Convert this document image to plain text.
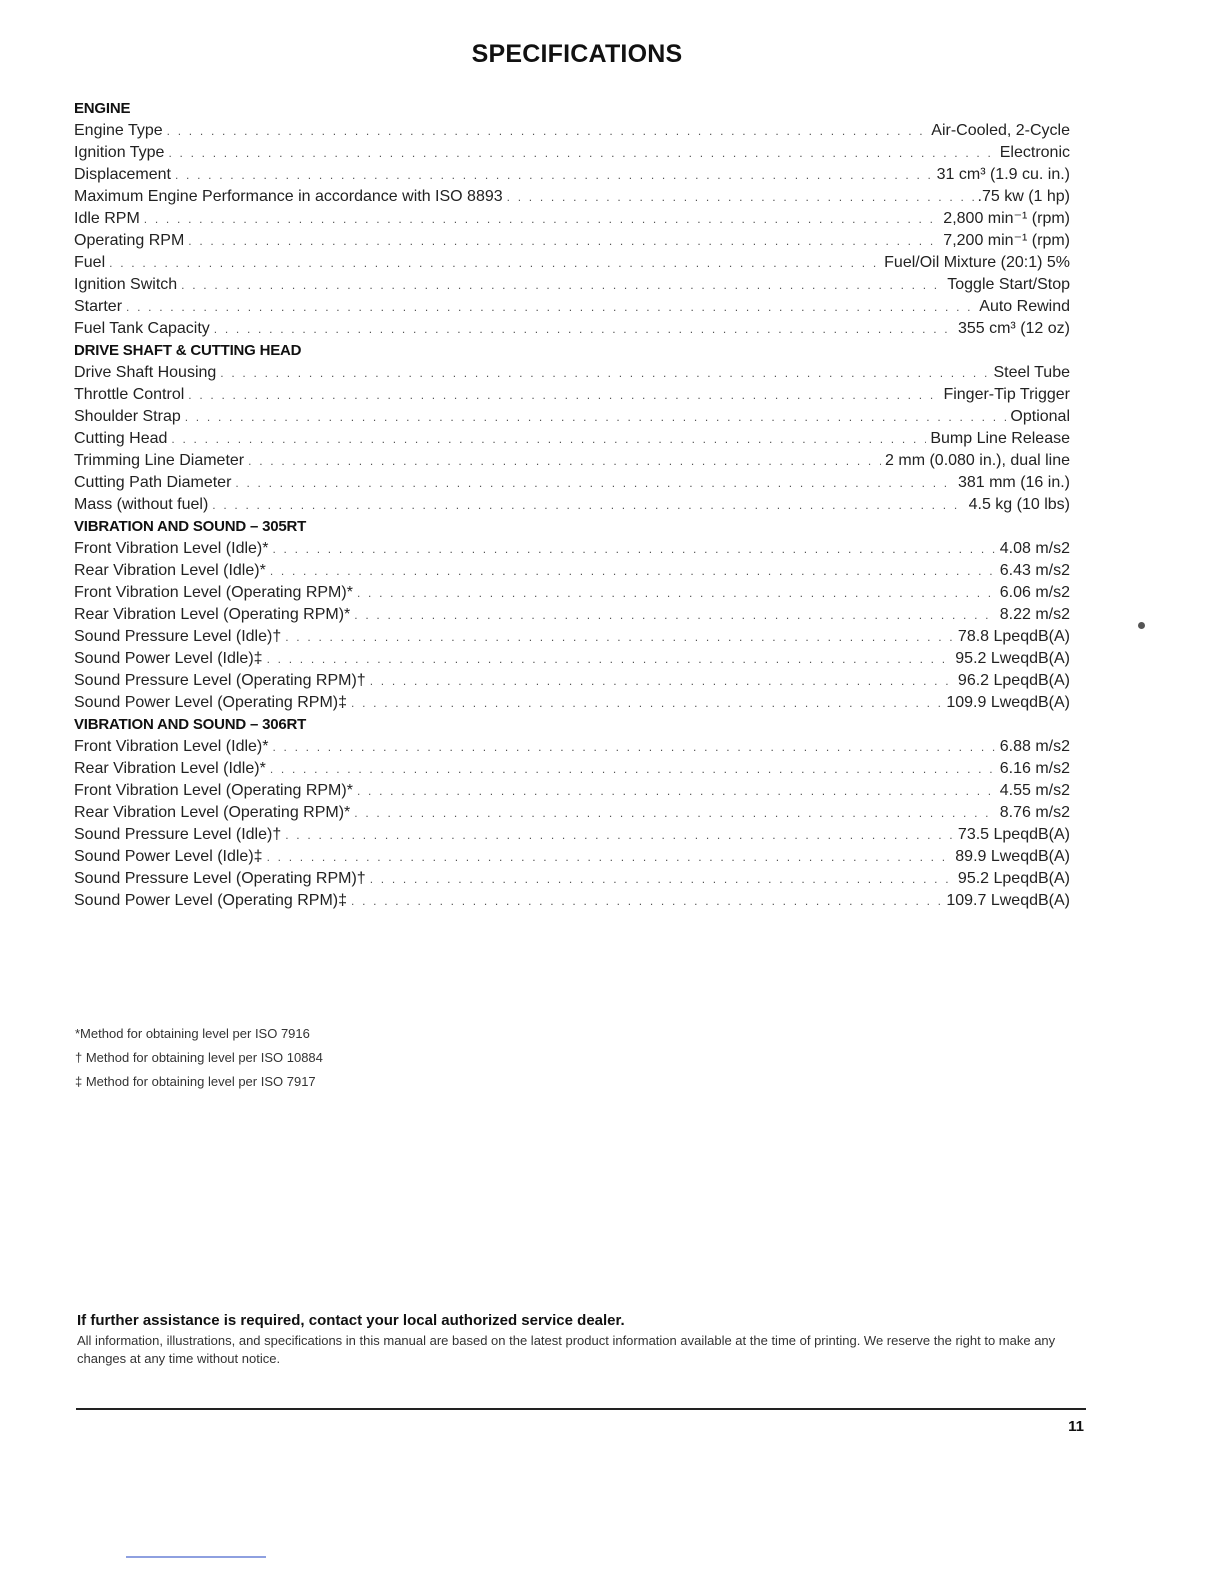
SPECIFICATIONS
ENGINE
Engine Type . . .	Air-Cooled, 2-Cycle
Ignition Type . . .	Electronic
Displacement . . .	31 cm³ (1.9 cu. in.)
Maximum Engine Performance in accordance with ISO 8893 . . .	.75 kw (1 hp)
Idle RPM . . .	2,800 min⁻¹ (rpm)
Operating RPM . . .	7,200 min⁻¹ (rpm)
Fuel . . .	Fuel/Oil Mixture (20:1) 5%
Ignition Switch . . .	Toggle Start/Stop
Starter . . .	Auto Rewind
Fuel Tank Capacity . . .	355 cm³ (12 oz)
DRIVE SHAFT & CUTTING HEAD
Drive Shaft Housing . . .	Steel Tube
Throttle Control . . .	Finger-Tip Trigger
Shoulder Strap . . .	Optional
Cutting Head . . .	Bump Line Release
Trimming Line Diameter . . .	2 mm (0.080 in.), dual line
Cutting Path Diameter . . .	381 mm (16 in.)
Mass (without fuel) . . .	4.5 kg (10 lbs)
VIBRATION AND SOUND – 305RT
Front Vibration Level (Idle)* . . .	4.08 m/s2
Rear Vibration Level (Idle)* . . .	6.43 m/s2
Front Vibration Level (Operating RPM)* . . .	6.06 m/s2
Rear Vibration Level (Operating RPM)* . . .	8.22 m/s2
Sound Pressure Level (Idle)† . . .	78.8 LpeqdB(A)
Sound Power Level (Idle)‡ . . .	95.2 LweqdB(A)
Sound Pressure Level (Operating RPM)† . . .	96.2 LpeqdB(A)
Sound Power Level (Operating RPM)‡ . . .	109.9 LweqdB(A)
VIBRATION AND SOUND – 306RT
Front Vibration Level (Idle)* . . .	6.88 m/s2
Rear Vibration Level (Idle)* . . .	6.16 m/s2
Front Vibration Level (Operating RPM)* . . .	4.55 m/s2
Rear Vibration Level (Operating RPM)* . . .	8.76 m/s2
Sound Pressure Level (Idle)† . . .	73.5 LpeqdB(A)
Sound Power Level (Idle)‡ . . .	89.9 LweqdB(A)
Sound Pressure Level (Operating RPM)† . . .	95.2 LpeqdB(A)
Sound Power Level (Operating RPM)‡ . . .	109.7 LweqdB(A)
*Method for obtaining level per ISO 7916
† Method for obtaining level per ISO 10884
‡ Method for obtaining level per ISO 7917
If further assistance is required, contact your local authorized service dealer.
All information, illustrations, and specifications in this manual are based on the latest product information available at the time of printing. We reserve the right to make any changes at any time without notice.
11
